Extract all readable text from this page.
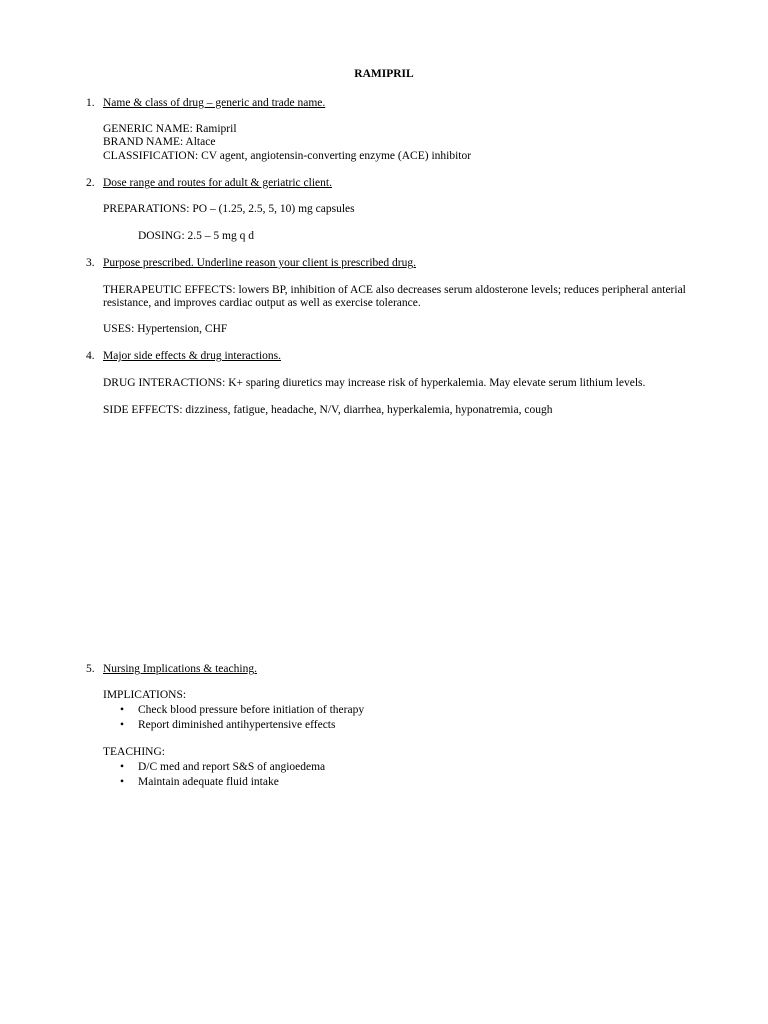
RAMIPRIL
1. Name & class of drug – generic and trade name.
GENERIC NAME: Ramipril
BRAND NAME: Altace
CLASSIFICATION: CV agent, angiotensin-converting enzyme (ACE) inhibitor
2. Dose range and routes for adult & geriatric client.
PREPARATIONS: PO – (1.25, 2.5, 5, 10) mg capsules
DOSING: 2.5 – 5 mg q d
3. Purpose prescribed. Underline reason your client is prescribed drug.
THERAPEUTIC EFFECTS: lowers BP, inhibition of ACE also decreases serum aldosterone levels; reduces peripheral anterial resistance, and improves cardiac output as well as exercise tolerance.
USES: Hypertension, CHF
4. Major side effects & drug interactions.
DRUG INTERACTIONS: K+ sparing diuretics may increase risk of hyperkalemia. May elevate serum lithium levels.
SIDE EFFECTS: dizziness, fatigue, headache, N/V, diarrhea, hyperkalemia, hyponatremia, cough
5. Nursing Implications & teaching.
IMPLICATIONS:
•	Check blood pressure before initiation of therapy
•	Report diminished antihypertensive effects
TEACHING:
•	D/C med and report S&S of angioedema
•	Maintain adequate fluid intake
